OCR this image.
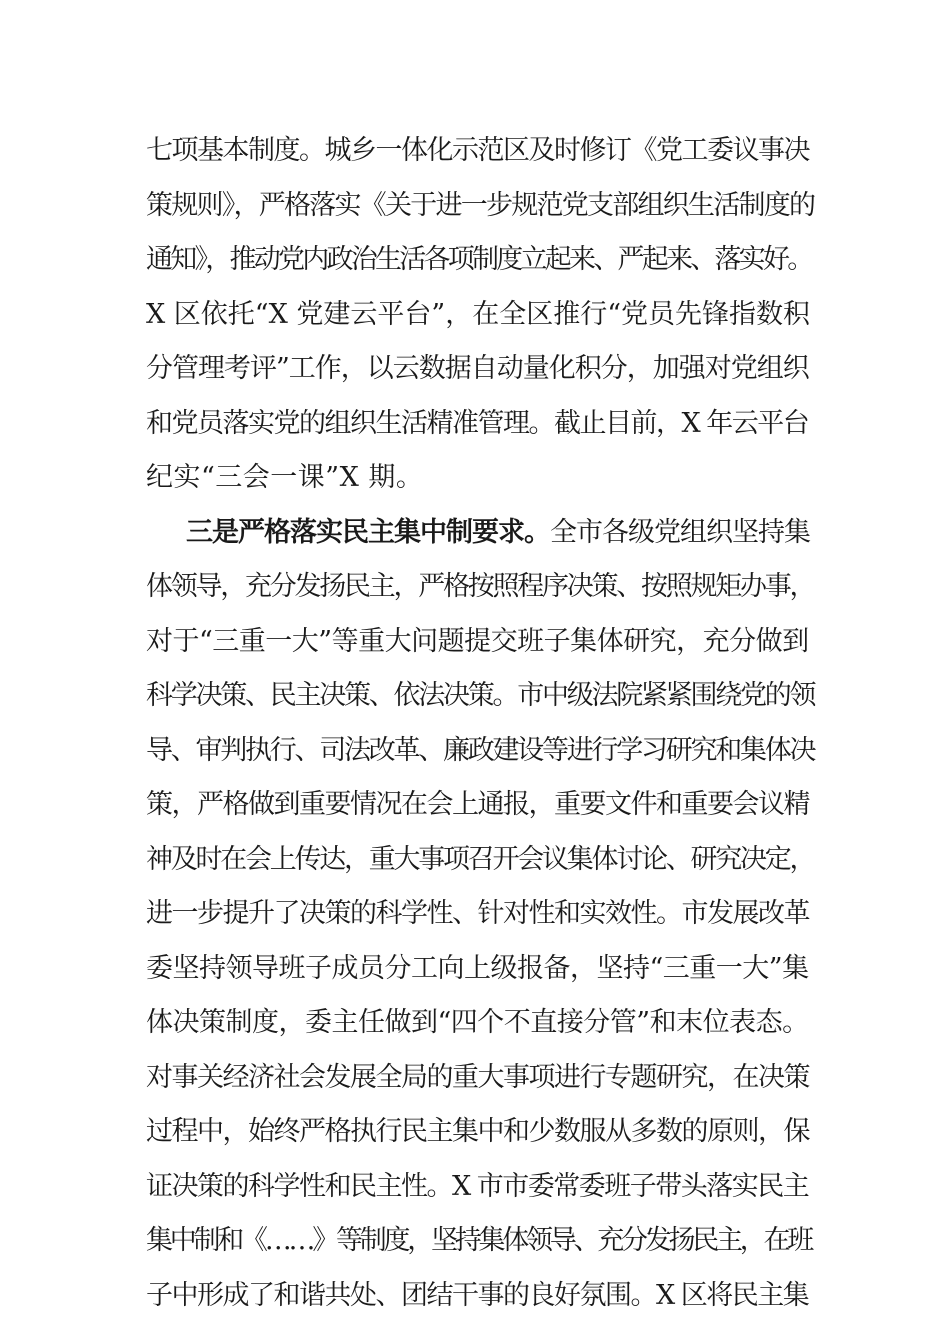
七项基本制度。城乡一体化示范区及时修订《党工委议事决
策规则》，严格落实《关于进一步规范党支部组织生活制度的
通知》，推动党内政治生活各项制度立起来、严起来、落实好。
X 区依托“X 党建云平台”，在全区推行“党员先锋指数积
分管理考评”工作，以云数据自动量化积分，加强对党组织
和党员落实党的组织生活精准管理。截止目前，X 年云平台
纪实“三会一课”X 期。
三是严格落实民主集中制要求。全市各级党组织坚持集
体领导，充分发扬民主，严格按照程序决策、按照规矩办事，
对于“三重一大”等重大问题提交班子集体研究，充分做到
科学决策、民主决策、依法决策。市中级法院紧紧围绕党的领
导、审判执行、司法改革、廉政建设等进行学习研究和集体决
策，严格做到重要情况在会上通报，重要文件和重要会议精
神及时在会上传达，重大事项召开会议集体讨论、研究决定，
进一步提升了决策的科学性、针对性和实效性。市发展改革
委坚持领导班子成员分工向上级报备，坚持“三重一大”集
体决策制度，委主任做到“四个不直接分管”和末位表态。
对事关经济社会发展全局的重大事项进行专题研究，在决策
过程中，始终严格执行民主集中和少数服从多数的原则，保
证决策的科学性和民主性。X 市市委常委班子带头落实民主
集中制和《……》等制度，坚持集体领导、充分发扬民主，在班
子中形成了和谐共处、团结干事的良好氛围。X 区将民主集
